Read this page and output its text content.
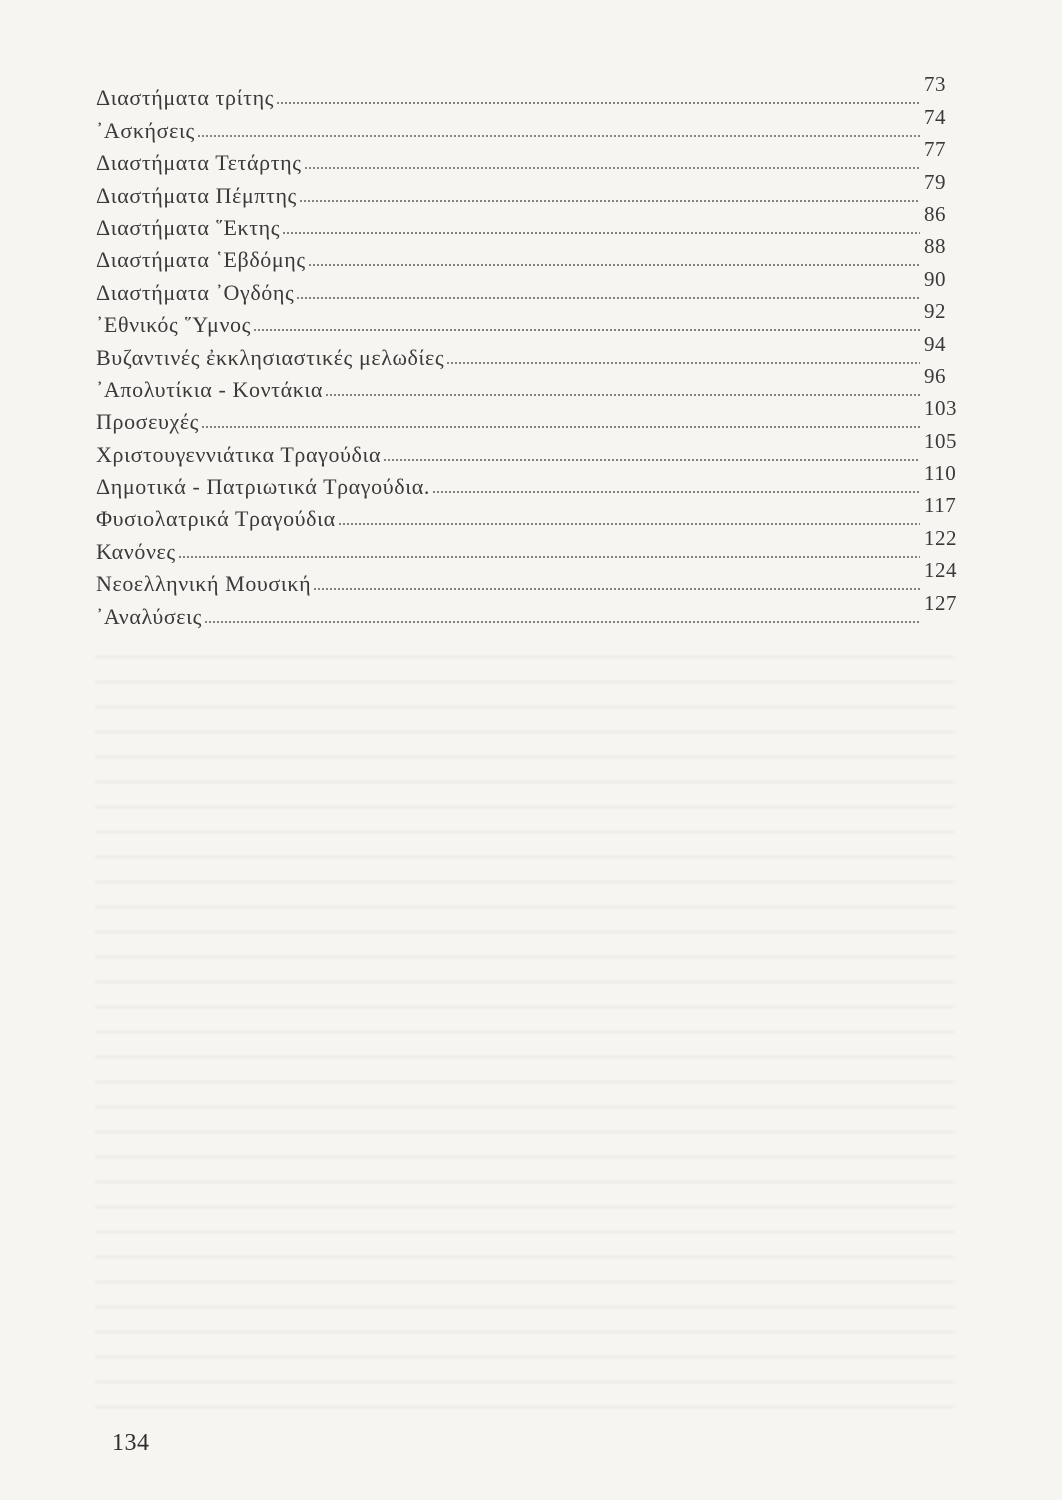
Διαστήματα τρίτης
73
᾿Ασκήσεις
74
Διαστήματα Τετάρτης
77
Διαστήματα Πέμπτης
79
Διαστήματα ῞Εκτης
86
Διαστήματα ῾Εβδόμης
88
Διαστήματα ᾿Ογδόης
90
᾿Εθνικός ῞Υμνος
92
Βυζαντινές ἐκκλησιαστικές μελωδίες
94
᾿Απολυτίκια - Κοντάκια
96
Προσευχές
103
Χριστουγεννιάτικα Τραγούδια
105
Δημοτικά - Πατριωτικά Τραγούδια.
110
Φυσιολατρικά Τραγούδια
117
Κανόνες
122
Νεοελληνική Μουσική
124
᾿Αναλύσεις
127
134
